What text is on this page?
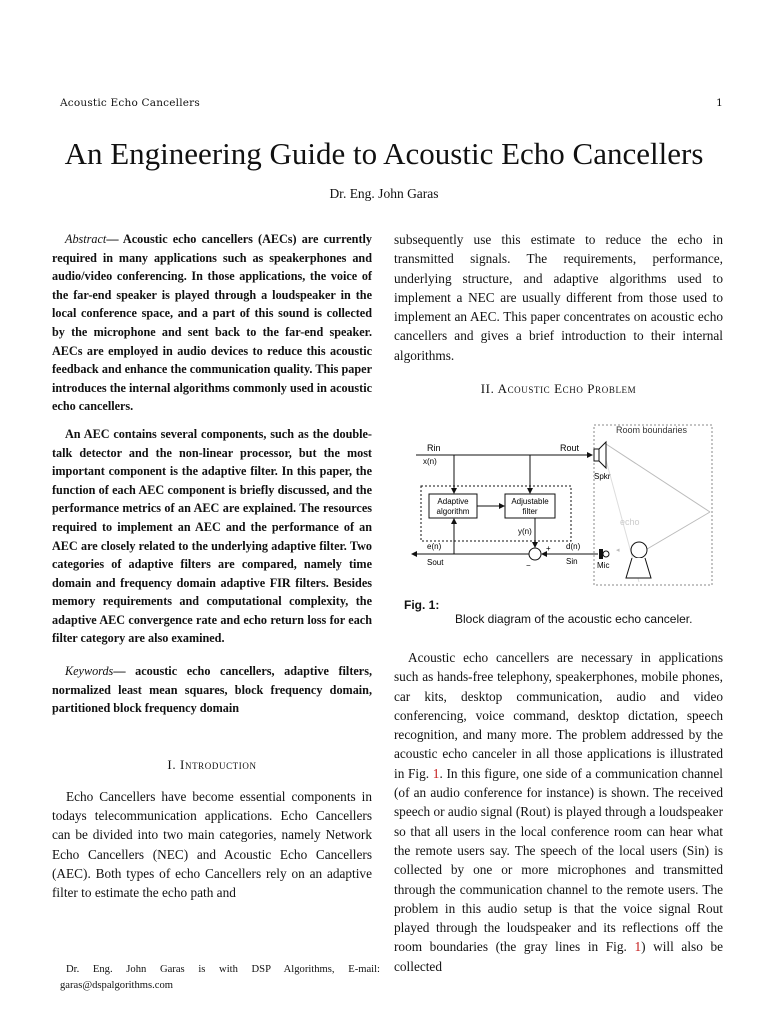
Acoustic Echo Cancellers	1
An Engineering Guide to Acoustic Echo Cancellers
Dr. Eng. John Garas

Abstract— Acoustic echo cancellers (AECs) are currently required in many applications such as speakerphones and audio/video conferencing. In those applications, the voice of the far-end speaker is played through a loudspeaker in the local conference space, and a part of this sound is collected by the microphone and sent back to the far-end speaker. AECs are employed in audio devices to reduce this acoustic feedback and enhance the communication quality. This paper introduces the internal algorithms commonly used in acoustic echo cancellers.

An AEC contains several components, such as the double-talk detector and the non-linear processor, but the most important component is the adaptive filter. In this paper, the function of each AEC component is briefly discussed, and the performance metrics of an AEC are explained. The resources required to implement an AEC and the performance of an AEC are closely related to the underlying adaptive filter. Two categories of adaptive filters are compared, namely time domain and frequency domain adaptive FIR filters. Besides memory requirements and computational complexity, the adaptive AEC convergence rate and echo return loss for each filter category are also examined.

Keywords— acoustic echo cancellers, adaptive filters, normalized least mean squares, block frequency domain, partitioned block frequency domain

I. Introduction

Echo Cancellers have become essential components in todays telecommunication applications. Echo Cancellers can be divided into two main categories, namely Network Echo Cancellers (NEC) and Acoustic Echo Cancellers (AEC). Both types of echo Cancellers rely on an adaptive filter to estimate the echo path and

Dr. Eng. John Garas is with DSP Algorithms, E-mail: garas@dspalgorithms.com

subsequently use this estimate to reduce the echo in transmitted signals. The requirements, performance, underlying structure, and adaptive algorithms used to implement a NEC are usually different from those used to implement an AEC. This paper concentrates on acoustic echo cancellers and gives a brief introduction to their internal algorithms.

II. Acoustic Echo Problem

Room boundaries
echo
Rin
x(n)
Rout
Spkr
Adaptive
algorithm
Adjustable
filter
y(n)
−
+ d(n)
Sin
e(n)
Sout	Mic
◂
Fig. 1:
Block diagram of the acoustic echo canceler.

Acoustic echo cancellers are necessary in applications such as hands-free telephony, speakerphones, mobile phones, car kits, desktop communication, audio and video conferencing, voice command, desktop dictation, speech recognition, and many more. The problem addressed by the acoustic echo canceler in all those applications is illustrated in Fig. 1. In this figure, one side of a communication channel (of an audio conference for instance) is shown. The received speech or audio signal (Rout) is played through a loudspeaker so that all users in the local conference room can hear what the remote users say. The speech of the local users (Sin) is collected by one or more microphones and transmitted through the communication channel to the remote users. The problem in this audio setup is that the voice signal Rout played through the loudspeaker and its reflections off the room boundaries (the gray lines in Fig. 1) will also be collected
